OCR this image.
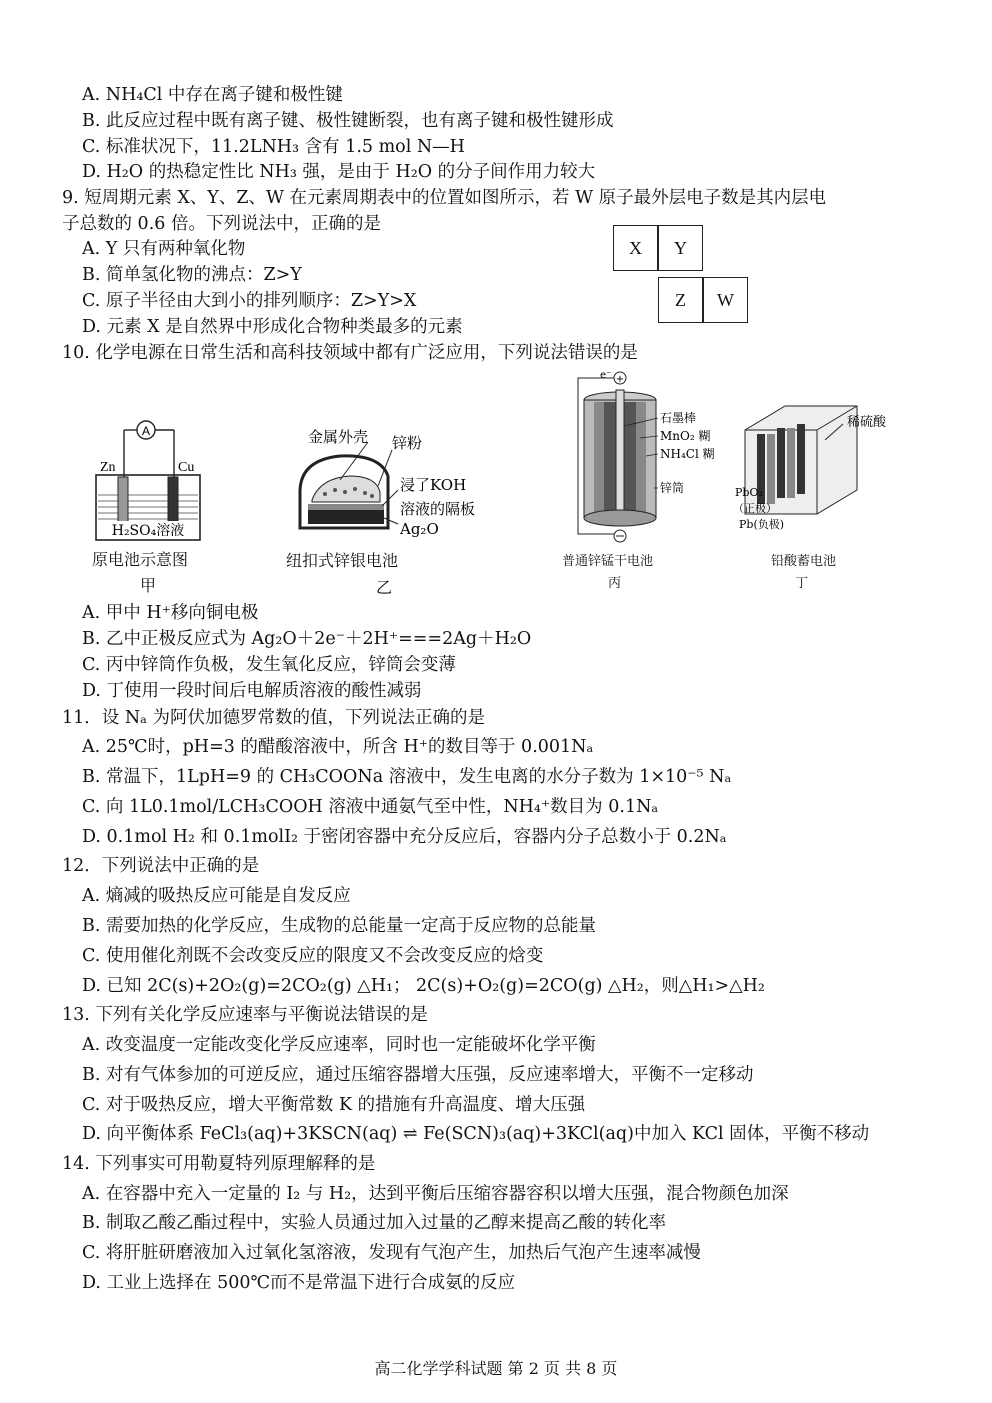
A. NH₄Cl 中存在离子键和极性键
B. 此反应过程中既有离子键、极性键断裂，也有离子键和极性键形成
C. 标准状况下，11.2LNH₃ 含有 1.5 mol N—H
D. H₂O 的热稳定性比 NH₃ 强，是由于 H₂O 的分子间作用力较大
9. 短周期元素 X、Y、Z、W 在元素周期表中的位置如图所示，若 W 原子最外层电子数是其内层电
子总数的 0.6 倍。下列说法中，正确的是
A. Y 只有两种氧化物
B. 简单氢化物的沸点：Z>Y
C. 原子半径由大到小的排列顺序：Z>Y>X
D. 元素 X 是自然界中形成化合物种类最多的元素
X	Y
Z	W
10. 化学电源在日常生活和高科技领域中都有广泛应用，下列说法错误的是
A
Zn	Cu
H₂SO₄溶液
原电池示意图
甲
金属外壳 锌粉
浸了KOH
溶液的隔板
Ag₂O
纽扣式锌银电池
乙
e⁻ +
石墨棒
MnO₂ 糊
NH₄Cl 糊
锌筒
普通锌锰干电池
丙
稀硫酸
PbO₂
（正极）
Pb(负极)
铅酸蓄电池
丁
A. 甲中 H⁺移向铜电极
B. 乙中正极反应式为 Ag₂O＋2e⁻＋2H⁺===2Ag＋H₂O
C. 丙中锌筒作负极，发生氧化反应，锌筒会变薄
D. 丁使用一段时间后电解质溶液的酸性减弱
11．设 Nₐ 为阿伏加德罗常数的值，下列说法正确的是
A. 25℃时，pH=3 的醋酸溶液中，所含 H⁺的数目等于 0.001Nₐ
B. 常温下，1LpH=9 的 CH₃COONa 溶液中，发生电离的水分子数为 1×10⁻⁵ Nₐ
C. 向 1L0.1mol/LCH₃COOH 溶液中通氨气至中性，NH₄⁺数目为 0.1Nₐ
D. 0.1mol H₂ 和 0.1molI₂ 于密闭容器中充分反应后，容器内分子总数小于 0.2Nₐ
12．下列说法中正确的是
A. 熵减的吸热反应可能是自发反应
B. 需要加热的化学反应，生成物的总能量一定高于反应物的总能量
C. 使用催化剂既不会改变反应的限度又不会改变反应的焓变
D. 已知 2C(s)+2O₂(g)=2CO₂(g) △H₁； 2C(s)+O₂(g)=2CO(g) △H₂，则△H₁>△H₂
13. 下列有关化学反应速率与平衡说法错误的是
A. 改变温度一定能改变化学反应速率，同时也一定能破坏化学平衡
B. 对有气体参加的可逆反应，通过压缩容器增大压强，反应速率增大，平衡不一定移动
C. 对于吸热反应，增大平衡常数 K 的措施有升高温度、增大压强
D. 向平衡体系 FeCl₃(aq)+3KSCN(aq) ⇌ Fe(SCN)₃(aq)+3KCl(aq)中加入 KCl 固体，平衡不移动
14. 下列事实可用勒夏特列原理解释的是
A. 在容器中充入一定量的 I₂ 与 H₂，达到平衡后压缩容器容积以增大压强，混合物颜色加深
B. 制取乙酸乙酯过程中，实验人员通过加入过量的乙醇来提高乙酸的转化率
C. 将肝脏研磨液加入过氧化氢溶液，发现有气泡产生，加热后气泡产生速率减慢
D. 工业上选择在 500℃而不是常温下进行合成氨的反应
高二化学学科试题 第 2 页 共 8 页
